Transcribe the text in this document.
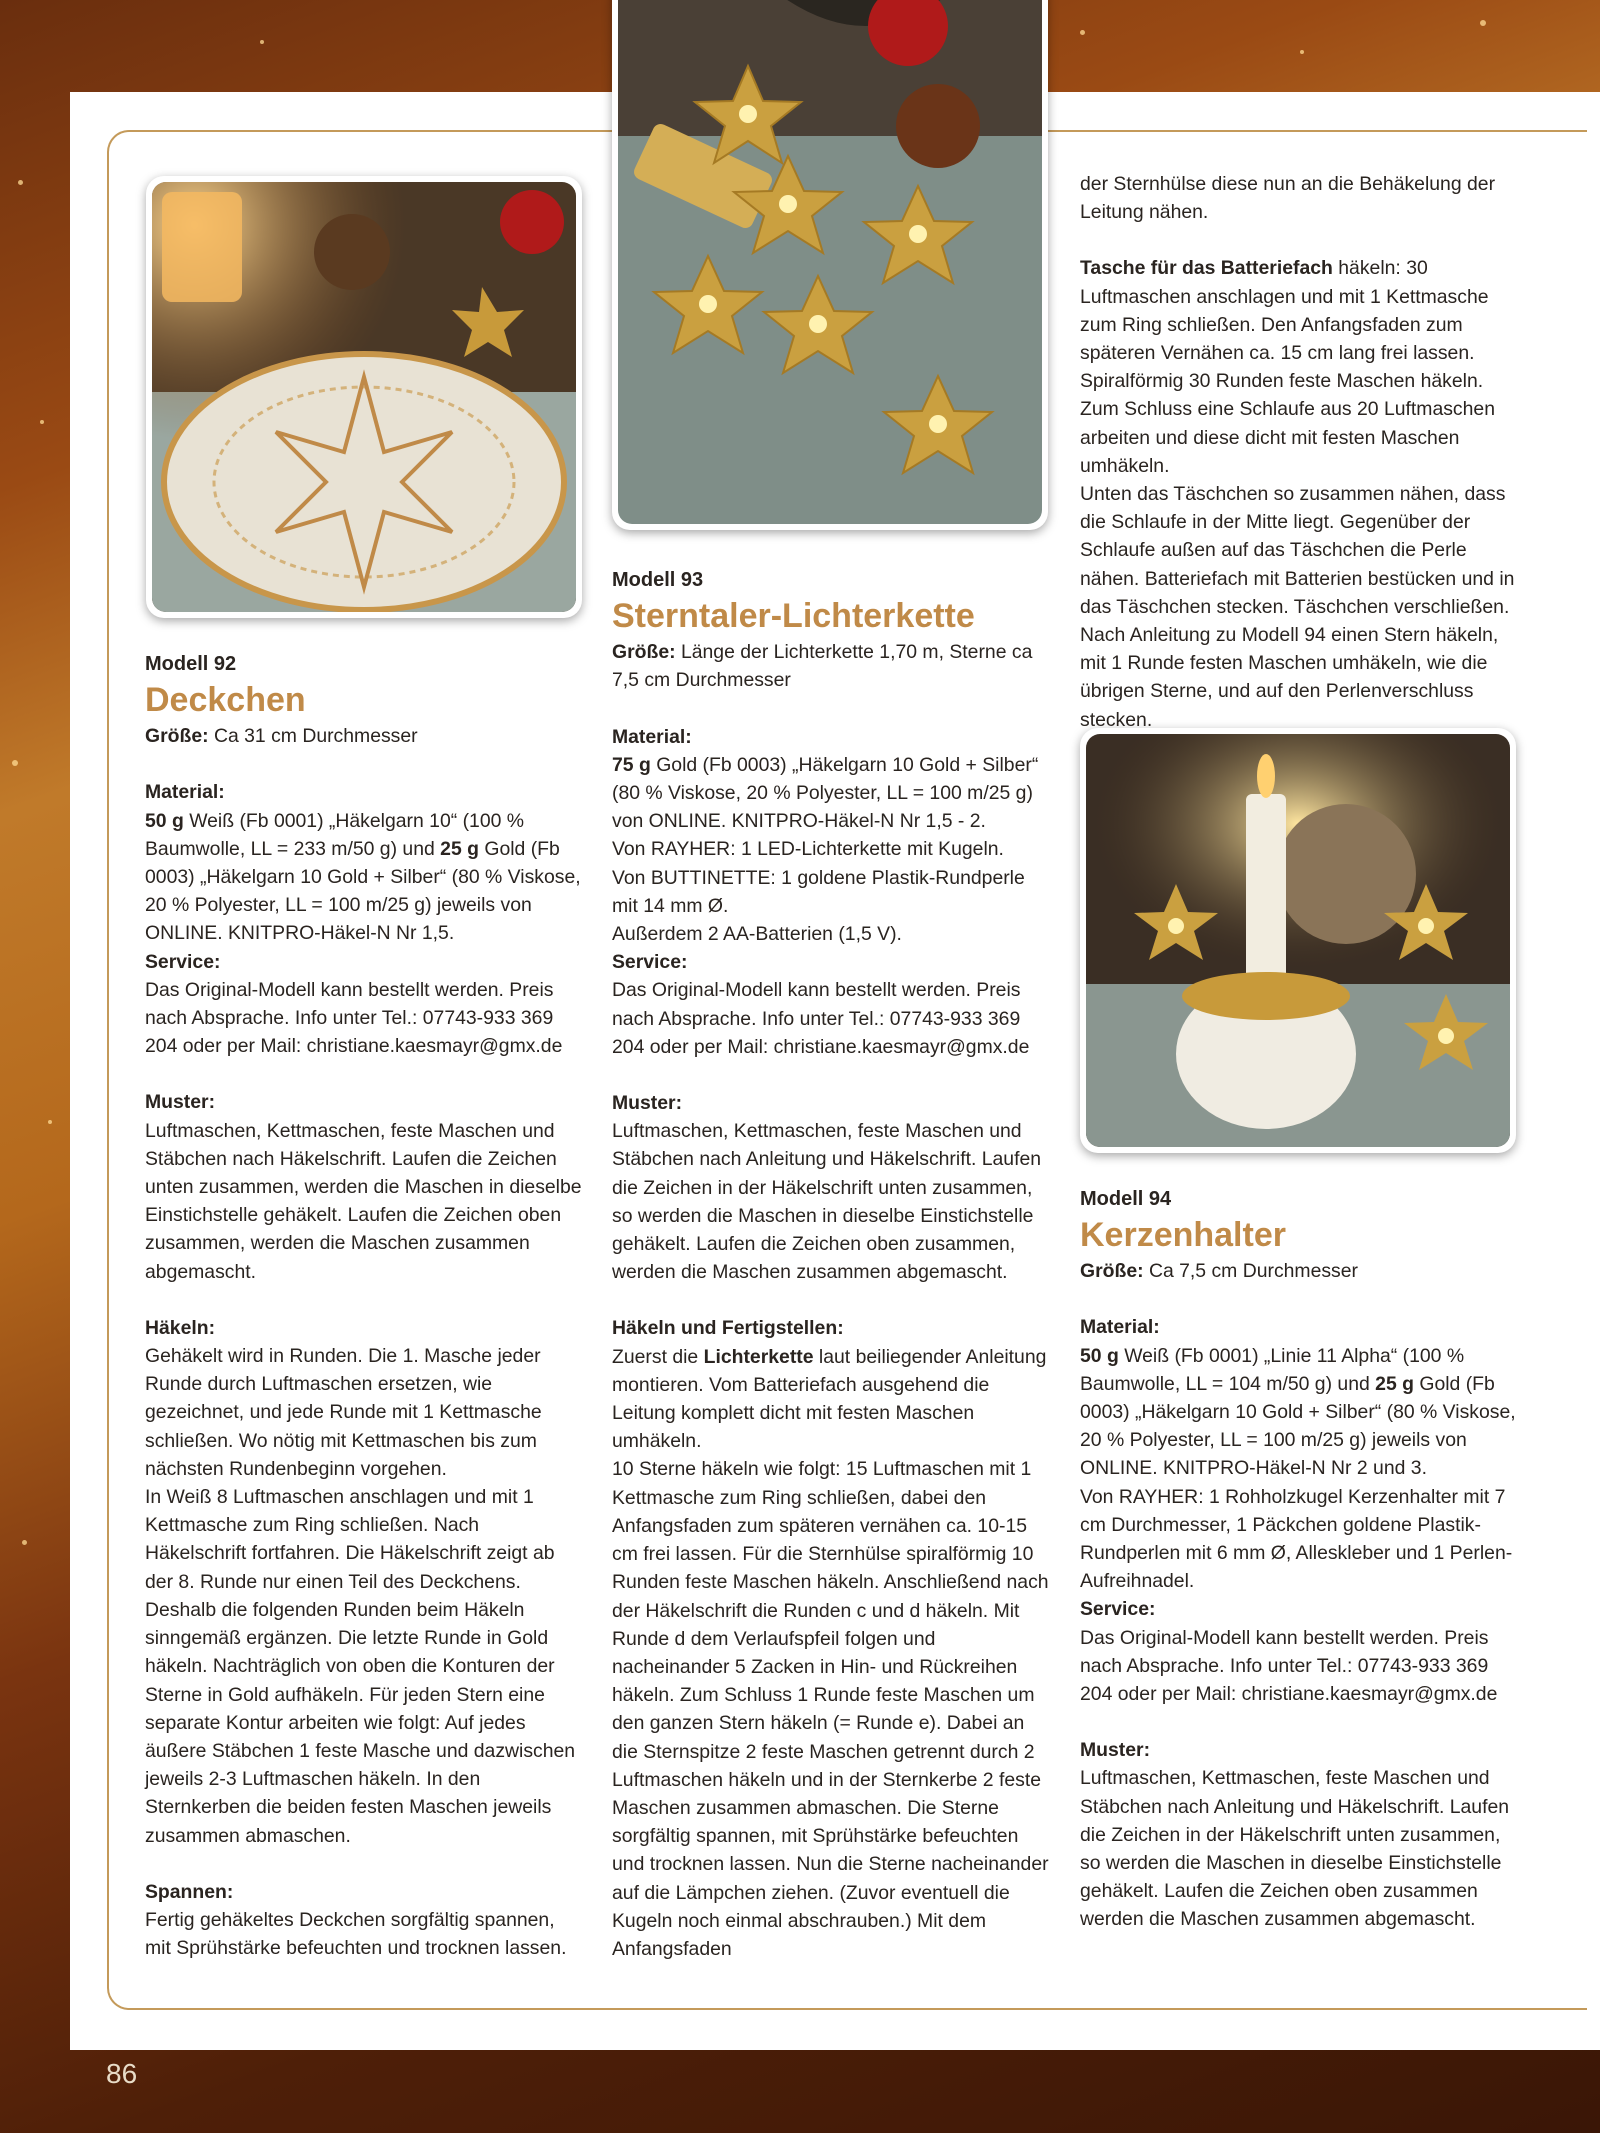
Modell 92

Deckchen

Größe: Ca 31 cm Durchmesser

Material:

50 g Weiß (Fb 0001) „Häkelgarn 10“ (100 % Baumwolle, LL = 233 m/50 g) und 25 g Gold (Fb 0003) „Häkelgarn 10 Gold + Silber“ (80 % Viskose, 20 % Polyester, LL = 100 m/25 g) jeweils von ONLINE. KNITPRO-Häkel-N Nr 1,5.

Service:

Das Original-Modell kann bestellt werden. Preis nach Absprache. Info unter Tel.: 07743-933 369 204 oder per Mail: christiane.kaesmayr@gmx.de

Muster:

Luftmaschen, Kettmaschen, feste Maschen und Stäbchen nach Häkelschrift. Laufen die Zeichen unten zusammen, werden die Maschen in dieselbe Einstichstelle gehäkelt. Laufen die Zeichen oben zusammen, werden die Maschen zusammen abgemascht.

Häkeln:

Gehäkelt wird in Runden. Die 1. Masche jeder Runde durch Luftmaschen ersetzen, wie gezeichnet, und jede Runde mit 1 Kettmasche schließen. Wo nötig mit Kettmaschen bis zum nächsten Rundenbeginn vorgehen.

In Weiß 8 Luftmaschen anschlagen und mit 1 Kettmasche zum Ring schließen. Nach Häkelschrift fortfahren. Die Häkelschrift zeigt ab der 8. Runde nur einen Teil des Deckchens. Deshalb die folgenden Runden beim Häkeln sinngemäß ergänzen. Die letzte Runde in Gold häkeln. Nachträglich von oben die Konturen der Sterne in Gold aufhäkeln. Für jeden Stern eine separate Kontur arbeiten wie folgt: Auf jedes äußere Stäbchen 1 feste Masche und dazwischen jeweils 2-3 Luftmaschen häkeln. In den Sternkerben die beiden festen Maschen jeweils zusammen abmaschen.

Spannen:

Fertig gehäkeltes Deckchen sorgfältig spannen, mit Sprühstärke befeuchten und trocknen lassen.

Modell 93

Sterntaler-Lichterkette

Größe: Länge der Lichterkette 1,70 m, Sterne ca 7,5 cm Durchmesser

Material:

75 g Gold (Fb 0003) „Häkelgarn 10 Gold + Silber“ (80 % Viskose, 20 % Polyester, LL = 100 m/25 g) von ONLINE. KNITPRO-Häkel-N Nr 1,5 - 2.

Von RAYHER: 1 LED-Lichterkette mit Kugeln.

Von BUTTINETTE: 1 goldene Plastik-Rundperle mit 14 mm Ø.

Außerdem 2 AA-Batterien (1,5 V).

Service:

Das Original-Modell kann bestellt werden. Preis nach Absprache. Info unter Tel.: 07743-933 369 204 oder per Mail: christiane.kaesmayr@gmx.de

Muster:

Luftmaschen, Kettmaschen, feste Maschen und Stäbchen nach Anleitung und Häkelschrift. Laufen die Zeichen in der Häkelschrift unten zusammen, so werden die Maschen in dieselbe Einstichstelle gehäkelt. Laufen die Zeichen oben zusammen, werden die Maschen zusammen abgemascht.

Häkeln und Fertigstellen:

Zuerst die Lichterkette laut beiliegender Anleitung montieren. Vom Batteriefach ausgehend die Leitung komplett dicht mit festen Maschen umhäkeln.

10 Sterne häkeln wie folgt: 15 Luftmaschen mit 1 Kettmasche zum Ring schließen, dabei den Anfangsfaden zum späteren vernähen ca. 10-15 cm frei lassen. Für die Sternhülse spiralförmig 10 Runden feste Maschen häkeln. Anschließend nach der Häkelschrift die Runden c und d häkeln. Mit Runde d dem Verlaufspfeil folgen und nacheinander 5 Zacken in Hin- und Rückreihen häkeln. Zum Schluss 1 Runde feste Maschen um den ganzen Stern häkeln (= Runde e). Dabei an die Sternspitze 2 feste Maschen getrennt durch 2 Luftmaschen häkeln und in der Sternkerbe 2 feste Maschen zusammen abmaschen. Die Sterne sorgfältig spannen, mit Sprühstärke befeuchten und trocknen lassen. Nun die Sterne nacheinander auf die Lämpchen ziehen. (Zuvor eventuell die Kugeln noch einmal abschrauben.) Mit dem Anfangsfaden

der Sternhülse diese nun an die Behäkelung der Leitung nähen.

Tasche für das Batteriefach häkeln: 30 Luftmaschen anschlagen und mit 1 Kettmasche zum Ring schließen. Den Anfangsfaden zum späteren Vernähen ca. 15 cm lang frei lassen. Spiralförmig 30 Runden feste Maschen häkeln. Zum Schluss eine Schlaufe aus 20 Luftmaschen arbeiten und diese dicht mit festen Maschen umhäkeln.

Unten das Täschchen so zusammen nähen, dass die Schlaufe in der Mitte liegt. Gegenüber der Schlaufe außen auf das Täschchen die Perle nähen. Batteriefach mit Batterien bestücken und in das Täschchen stecken. Täschchen verschließen. Nach Anleitung zu Modell 94 einen Stern häkeln, mit 1 Runde festen Maschen umhäkeln, wie die übrigen Sterne, und auf den Perlenverschluss stecken.

Modell 94

Kerzenhalter

Größe: Ca 7,5 cm Durchmesser

Material:

50 g Weiß (Fb 0001) „Linie 11 Alpha“ (100 % Baumwolle, LL = 104 m/50 g) und 25 g Gold (Fb 0003) „Häkelgarn 10 Gold + Silber“ (80 % Viskose, 20 % Polyester, LL = 100 m/25 g) jeweils von ONLINE. KNITPRO-Häkel-N Nr 2 und 3.

Von RAYHER: 1 Rohholzkugel Kerzenhalter mit 7 cm Durchmesser, 1 Päckchen goldene Plastik-Rundperlen mit 6 mm Ø, Alleskleber und 1 Perlen-Aufreihnadel.

Service:

Das Original-Modell kann bestellt werden. Preis nach Absprache. Info unter Tel.: 07743-933 369 204 oder per Mail: christiane.kaesmayr@gmx.de

Muster:

Luftmaschen, Kettmaschen, feste Maschen und Stäbchen nach Anleitung und Häkelschrift. Laufen die Zeichen in der Häkelschrift unten zusammen, so werden die Maschen in dieselbe Einstichstelle gehäkelt. Laufen die Zeichen oben zusammen werden die Maschen zusammen abgemascht.

86
